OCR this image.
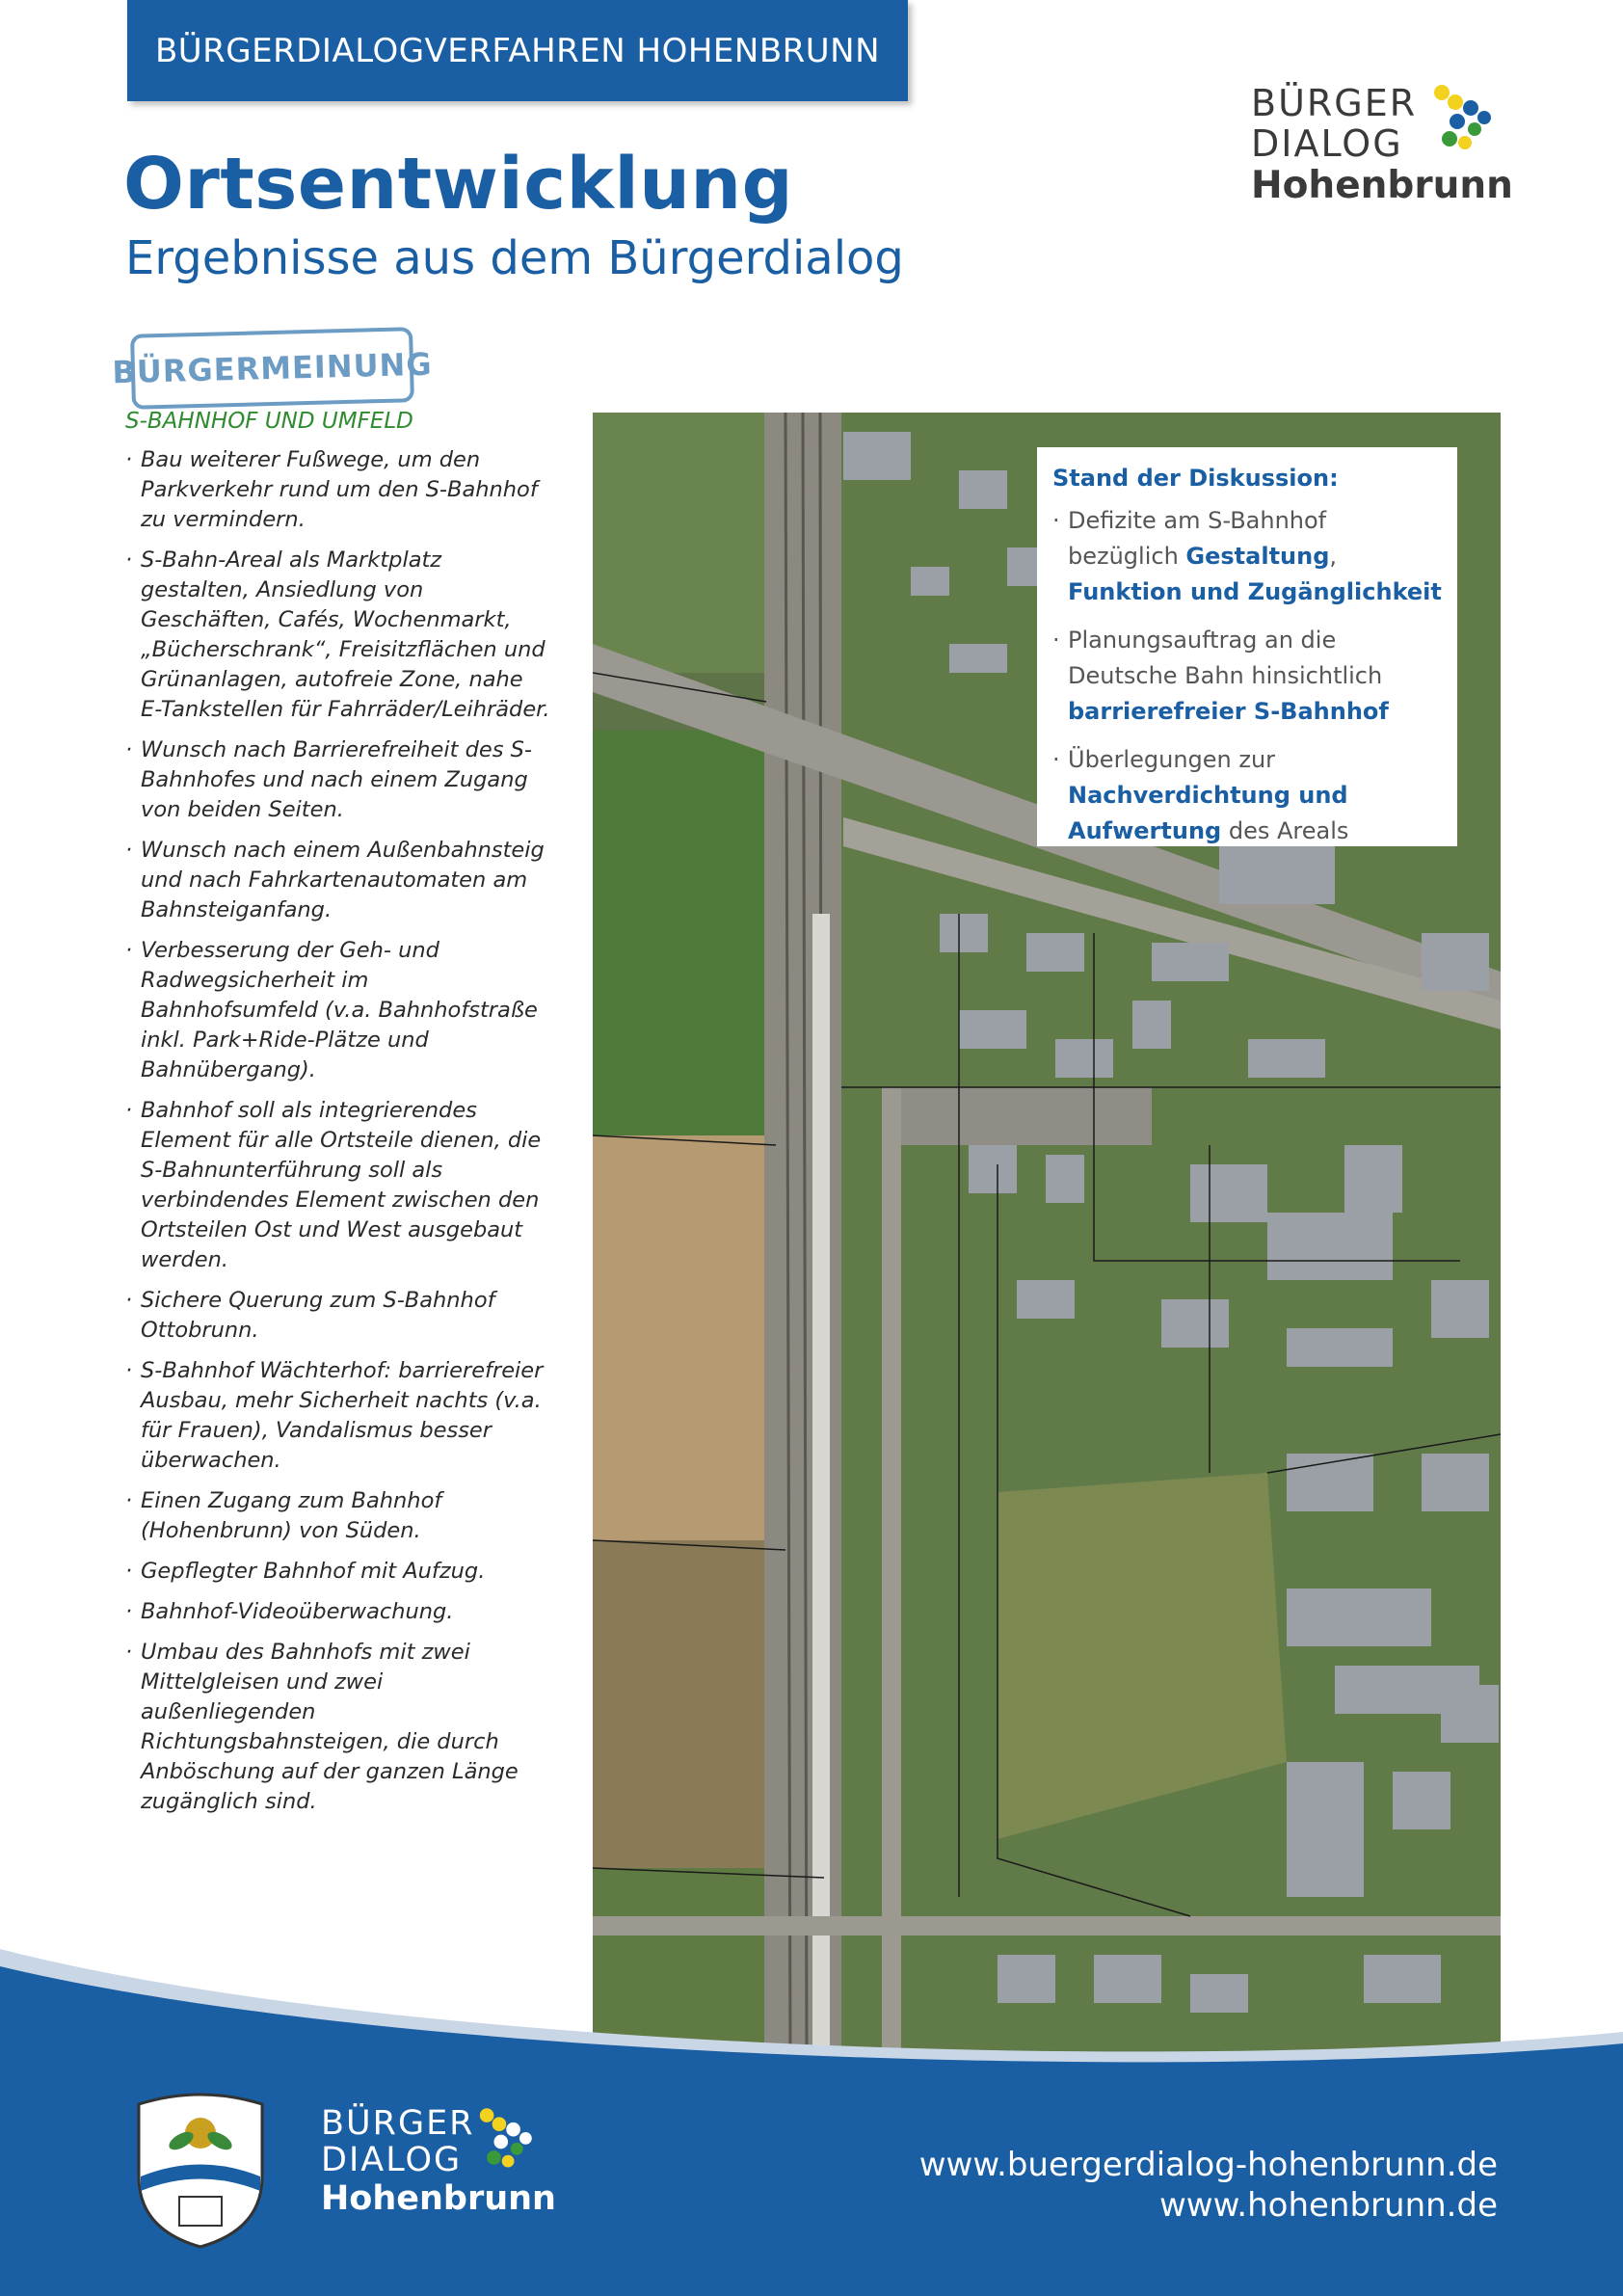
BÜRGERDIALOGVERFAHREN HOHENBRUNN
Ortsentwicklung
Ergebnisse aus dem Bürgerdialog
BÜRGER
DIALOG
Hohenbrunn
BÜRGERMEINUNG
S-BAHNHOF UND UMFELD
· Bau weiterer Fußwege, um den Parkverkehr rund um den S-Bahnhof zu vermindern.
· S-Bahn-Areal als Marktplatz gestalten, Ansiedlung von Geschäften, Cafés, Wochenmarkt, „Bücherschrank“, Freisitzflächen und Grünanlagen, autofreie Zone, nahe E-Tankstellen für Fahrräder/Leihräder.
· Wunsch nach Barrierefreiheit des S-Bahnhofes und nach einem Zugang von beiden Seiten.
· Wunsch nach einem Außenbahnsteig und nach Fahrkartenautomaten am Bahnsteiganfang.
· Verbesserung der Geh- und Radwegsicherheit im Bahnhofsumfeld (v.a. Bahnhofstraße inkl. Park+Ride-Plätze und Bahnübergang).
· Bahnhof soll als integrierendes Element für alle Ortsteile dienen, die S-Bahnunterführung soll als verbindendes Element zwischen den Ortsteilen Ost und West ausgebaut werden.
· Sichere Querung zum S-Bahnhof Ottobrunn.
· S-Bahnhof Wächterhof: barrierefreier Ausbau, mehr Sicherheit nachts (v.a. für Frauen), Vandalismus besser überwachen.
· Einen Zugang zum Bahnhof (Hohenbrunn) von Süden.
· Gepflegter Bahnhof mit Aufzug.
· Bahnhof-Videoüberwachung.
· Umbau des Bahnhofs mit zwei Mittelgleisen und zwei außenliegenden Richtungsbahnsteigen, die durch Anböschung auf der ganzen Länge zugänglich sind.
Stand der Diskussion:
· Defizite am S-Bahnhof bezüglich Gestaltung, Funktion und Zugänglichkeit
· Planungsauftrag an die Deutsche Bahn hinsichtlich barrierefreier S-Bahnhof
· Überlegungen zur Nachverdichtung und Aufwertung des Areals
BÜRGER
DIALOG
Hohenbrunn
www.buergerdialog-hohenbrunn.de
www.hohenbrunn.de
